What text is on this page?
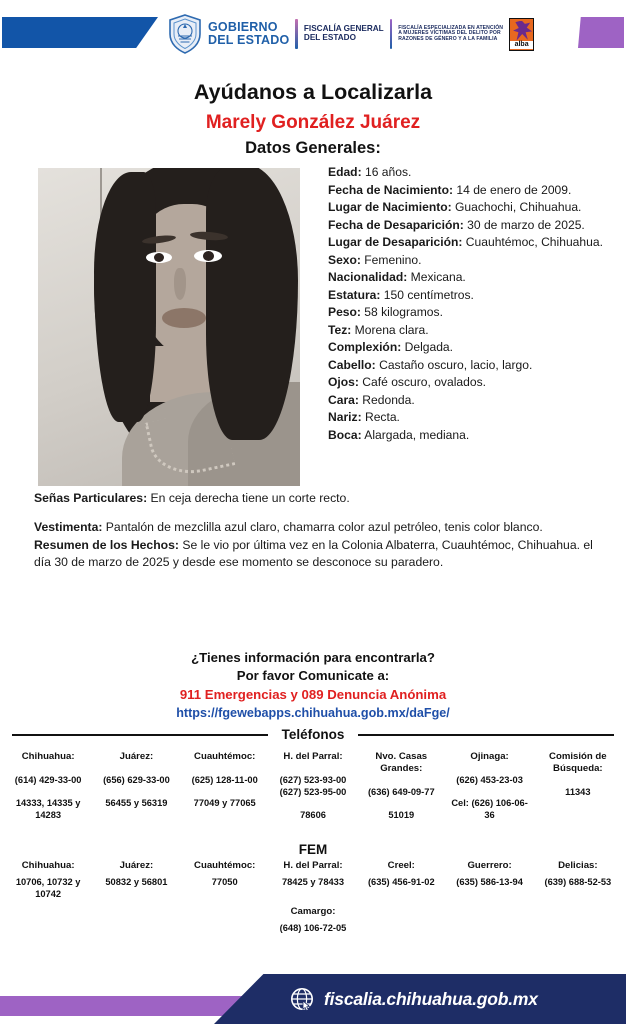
GOBIERNO
DEL ESTADO
FISCALÍA GENERAL
DEL ESTADO
FISCALÍA ESPECIALIZADA EN ATENCIÓN
A MUJERES VÍCTIMAS DEL DELITO POR
RAZONES DE GÉNERO Y A LA FAMILIA
alba
Ayúdanos a Localizarla
Marely González Juárez
Datos Generales:
Edad: 16 años.
Fecha de Nacimiento: 14 de enero de 2009.
Lugar de Nacimiento: Guachochi, Chihuahua.
Fecha de Desaparición: 30 de marzo de 2025.
Lugar de Desaparición: Cuauhtémoc, Chihuahua.
Sexo: Femenino.
Nacionalidad: Mexicana.
Estatura: 150 centímetros.
Peso: 58 kilogramos.
Tez: Morena clara.
Complexión: Delgada.
Cabello: Castaño oscuro, lacio, largo.
Ojos: Café oscuro, ovalados.
Cara: Redonda.
Nariz: Recta.
Boca: Alargada, mediana.
Señas Particulares: En ceja derecha tiene un corte recto.
Vestimenta: Pantalón de mezclilla azul claro, chamarra color azul petróleo, tenis color blanco.
Resumen de los Hechos: Se le vio por última vez en la Colonia Albaterra, Cuauhtémoc, Chihuahua. el día 30 de marzo de 2025 y desde ese momento se desconoce su paradero.
¿Tienes información para encontrarla?
Por favor Comunicate a:
911 Emergencias y 089 Denuncia Anónima
https://fgewebapps.chihuahua.gob.mx/daFge/
Teléfonos
Chihuahua:
(614) 429-33-00
14333, 14335 y 14283
Juárez:
(656) 629-33-00
56455 y 56319
Cuauhtémoc:
(625) 128-11-00
77049 y 77065
H. del Parral:
(627) 523-93-00
(627) 523-95-00
78606
Nvo. Casas Grandes:
(636) 649-09-77
51019
Ojinaga:
(626) 453-23-03
Cel: (626) 106-06-36
Comisión de Búsqueda:
11343
FEM
Chihuahua:
10706, 10732 y 10742
Juárez:
50832 y 56801
Cuauhtémoc:
77050
H. del Parral:
78425 y 78433
Creel:
(635) 456-91-02
Guerrero:
(635) 586-13-94
Delicias:
(639) 688-52-53
Camargo:
(648) 106-72-05
fiscalia.chihuahua.gob.mx
